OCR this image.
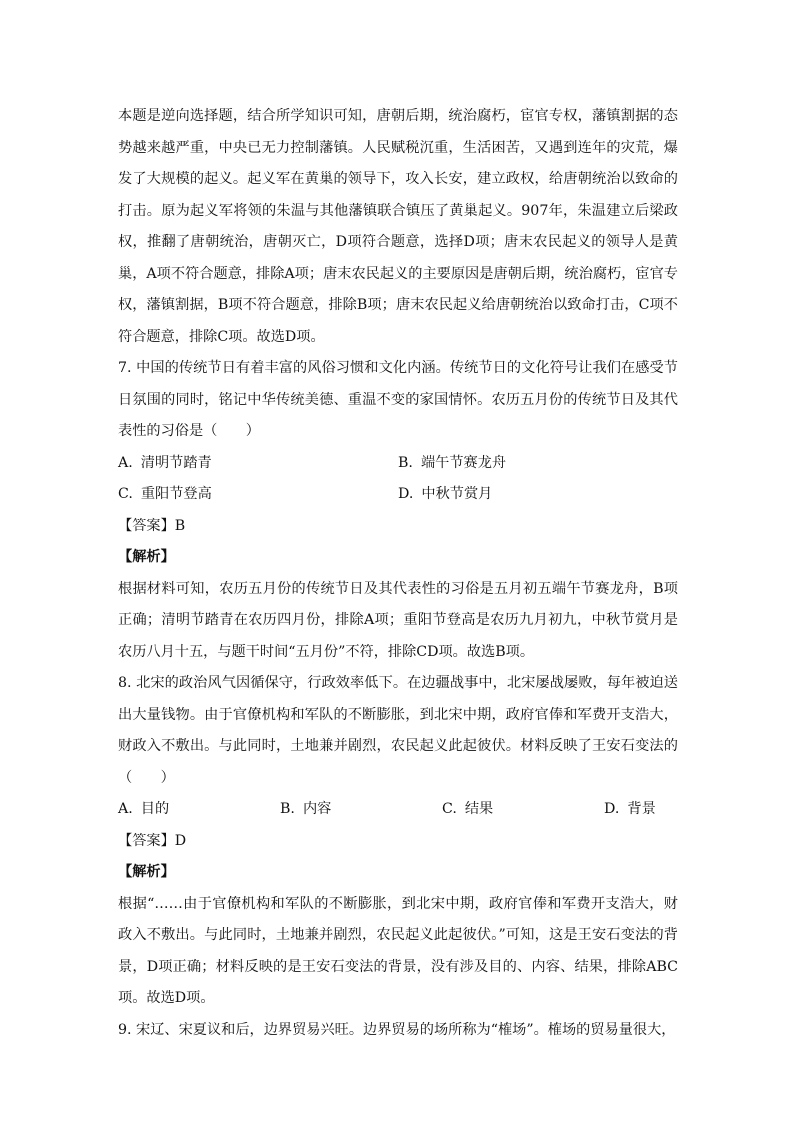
本题是逆向选择题，结合所学知识可知，唐朝后期，统治腐朽，宦官专权，藩镇割据的态势越来越严重，中央已无力控制藩镇。人民赋税沉重，生活困苦，又遇到连年的灾荒，爆发了大规模的起义。起义军在黄巢的领导下，攻入长安，建立政权，给唐朝统治以致命的打击。原为起义军将领的朱温与其他藩镇联合镇压了黄巢起义。907年，朱温建立后梁政权，推翻了唐朝统治，唐朝灭亡，D项符合题意，选择D项；唐末农民起义的领导人是黄巢，A项不符合题意，排除A项；唐末农民起义的主要原因是唐朝后期，统治腐朽，宦官专权，藩镇割据，B项不符合题意，排除B项；唐末农民起义给唐朝统治以致命打击，C项不符合题意，排除C项。故选D项。

7. 中国的传统节日有着丰富的风俗习惯和文化内涵。传统节日的文化符号让我们在感受节日氛围的同时，铭记中华传统美德、重温不变的家国情怀。农历五月份的传统节日及其代表性的习俗是（　　）

A. 清明节踏青	B. 端午节赛龙舟

C. 重阳节登高	D. 中秋节赏月

【答案】B

【解析】

根据材料可知，农历五月份的传统节日及其代表性的习俗是五月初五端午节赛龙舟，B项正确；清明节踏青在农历四月份，排除A项；重阳节登高是农历九月初九，中秋节赏月是农历八月十五，与题干时间“五月份”不符，排除CD项。故选B项。

8. 北宋的政治风气因循保守，行政效率低下。在边疆战事中，北宋屡战屡败，每年被迫送出大量钱物。由于官僚机构和军队的不断膨胀，到北宋中期，政府官俸和军费开支浩大，财政入不敷出。与此同时，土地兼并剧烈，农民起义此起彼伏。材料反映了王安石变法的（　　）

A. 目的	B. 内容	C. 结果	D. 背景

【答案】D

【解析】

根据“……由于官僚机构和军队的不断膨胀，到北宋中期，政府官俸和军费开支浩大，财政入不敷出。与此同时，土地兼并剧烈，农民起义此起彼伏。”可知，这是王安石变法的背景，D项正确；材料反映的是王安石变法的背景，没有涉及目的、内容、结果，排除ABC项。故选D项。

9. 宋辽、宋夏议和后，边界贸易兴旺。边界贸易的场所称为“榷场”。榷场的贸易量很大，
